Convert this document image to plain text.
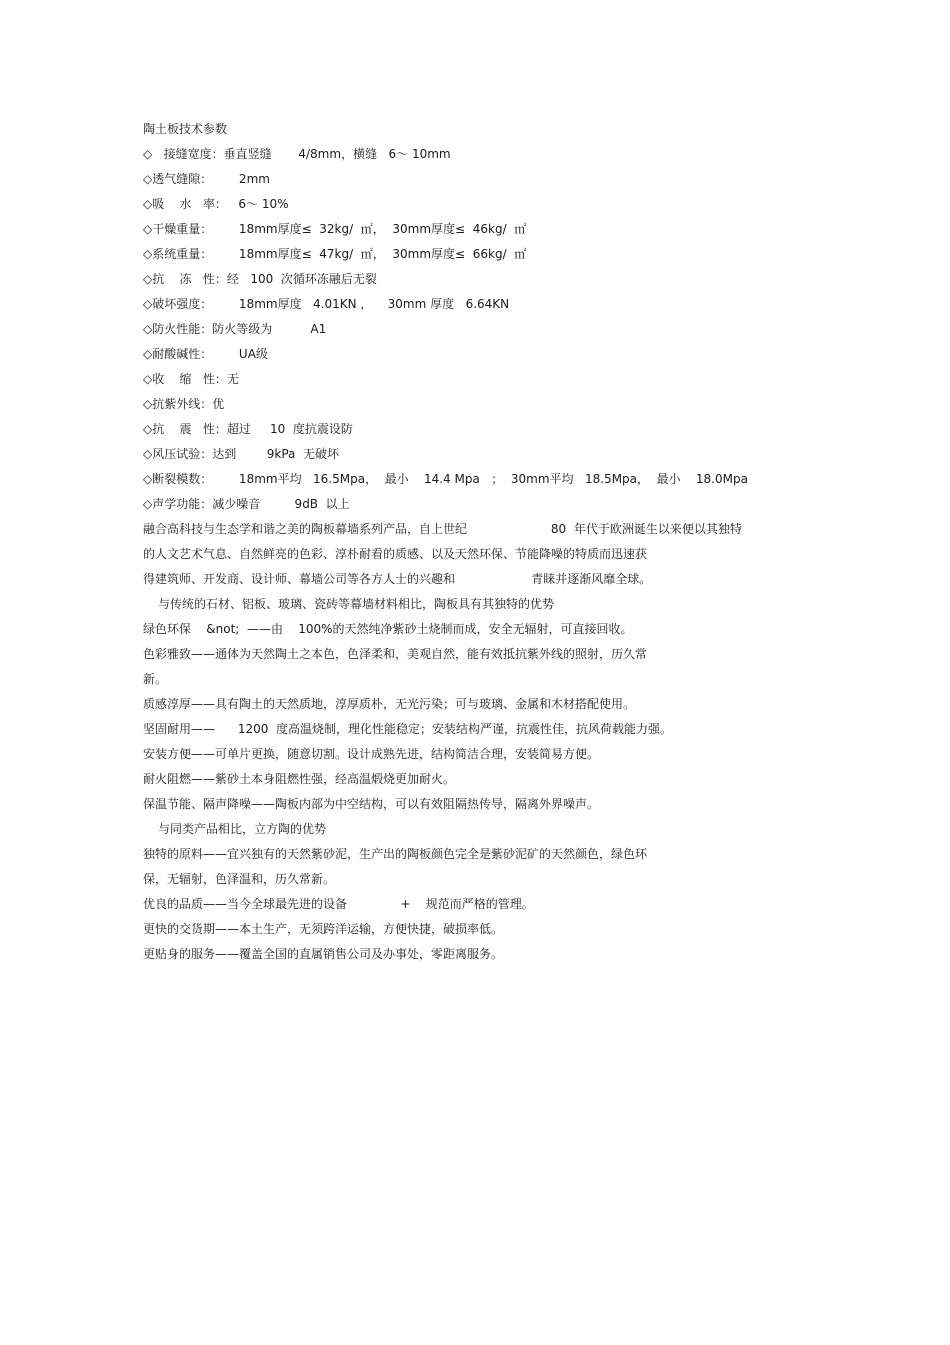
陶土板技术参数
◇   接缝宽度：垂直竖缝       4/8mm，横缝   6～ 10mm
◇透气缝隙：       2mm
◇吸    水   率：   6～ 10%
◇干燥重量：       18mm厚度≤  32kg/  ㎡，  30mm厚度≤  46kg/  ㎡
◇系统重量：       18mm厚度≤  47kg/  ㎡，  30mm厚度≤  66kg/  ㎡
◇抗    冻   性：经   100  次循环冻融后无裂
◇破坏强度：       18mm厚度   4.01KN ，    30mm 厚度   6.64KN
◇防火性能：防火等级为          A1
◇耐酸碱性：       UA级
◇收    缩   性：无
◇抗紫外线：优
◇抗    震   性：超过     10  度抗震设防
◇风压试验：达到        9kPa  无破坏
◇断裂模数：       18mm平均   16.5Mpa，  最小    14.4 Mpa   ；  30mm平均   18.5Mpa，  最小    18.0Mpa
◇声学功能：减少噪音         9dB  以上
融合高科技与生态学和谐之美的陶板幕墙系列产品，自上世纪                      80  年代于欧洲诞生以来便以其独特
的人文艺术气息、自然鲜亮的色彩、淳朴耐看的质感、以及天然环保、节能降噪的特质而迅速获
得建筑师、开发商、设计师、幕墙公司等各方人士的兴趣和                    青睐并逐渐风靡全球。
与传统的石材、铝板、玻璃、瓷砖等幕墙材料相比，陶板具有其独特的优势
绿色环保    &not;  ——由    100%的天然纯净紫砂土烧制而成，安全无辐射，可直接回收。
色彩雅致——通体为天然陶土之本色，色泽柔和，美观自然，能有效抵抗紫外线的照射，历久常
新。
质感淳厚——具有陶土的天然质地，淳厚质朴，无光污染；可与玻璃、金属和木材搭配使用。
坚固耐用——      1200  度高温烧制，理化性能稳定；安装结构严谨，抗震性佳，抗风荷载能力强。
安装方便——可单片更换，随意切割。设计成熟先进，结构简洁合理，安装简易方便。
耐火阻燃——紫砂土本身阻燃性强，经高温煅烧更加耐火。
保温节能、隔声降噪——陶板内部为中空结构，可以有效阻隔热传导，隔离外界噪声。
与同类产品相比，立方陶的优势
独特的原料——宜兴独有的天然紫砂泥，生产出的陶板颜色完全是紫砂泥矿的天然颜色，绿色环
保，无辐射，色泽温和，历久常新。
优良的品质——当今全球最先进的设备              +    规范而严格的管理。
更快的交货期——本土生产，无须跨洋运输，方便快捷，破损率低。
更贴身的服务——覆盖全国的直属销售公司及办事处，零距离服务。
